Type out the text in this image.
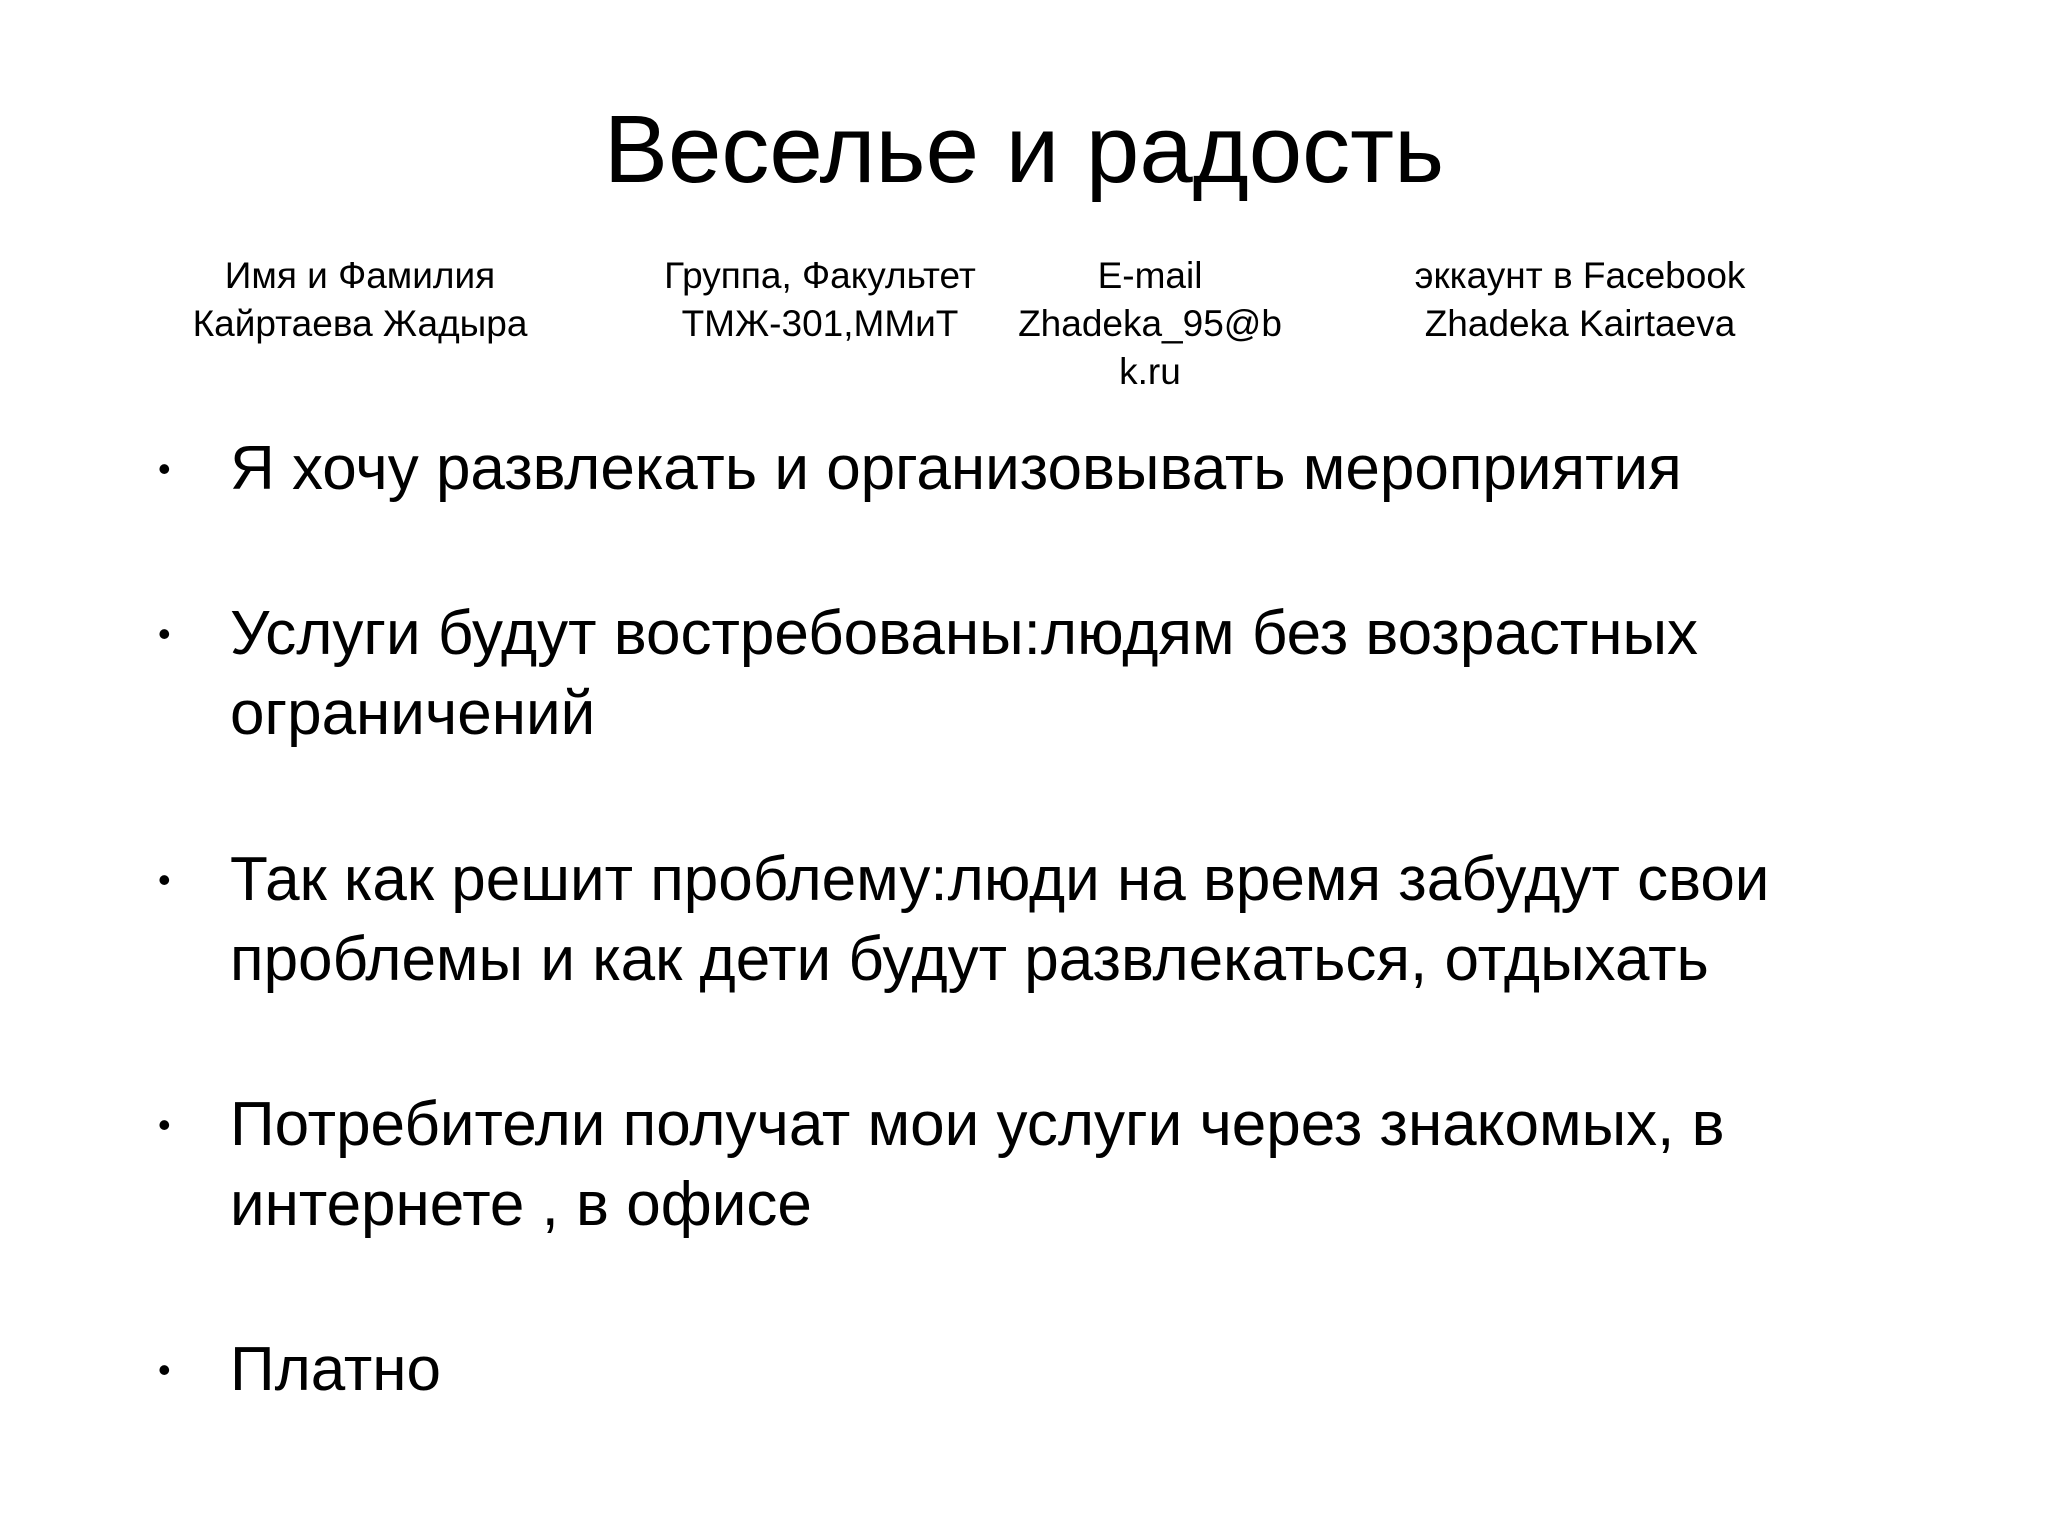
Веселье и радость
Имя и Фамилия
Кайртаева Жадыра
Группа, Факультет
ТМЖ-301,ММиТ
E-mail
Zhadeka_95@b
k.ru
эккаунт в Facebook
Zhadeka Kairtaeva
• Я хочу развлекать и организовывать мероприятия
• Услуги будут востребованы:людям без возрастных
ограничений
• Так как решит проблему:люди на время забудут свои
проблемы и как дети будут развлекаться, отдыхать
• Потребители получат мои услуги через знакомых, в
интернете , в офисе
• Платно
